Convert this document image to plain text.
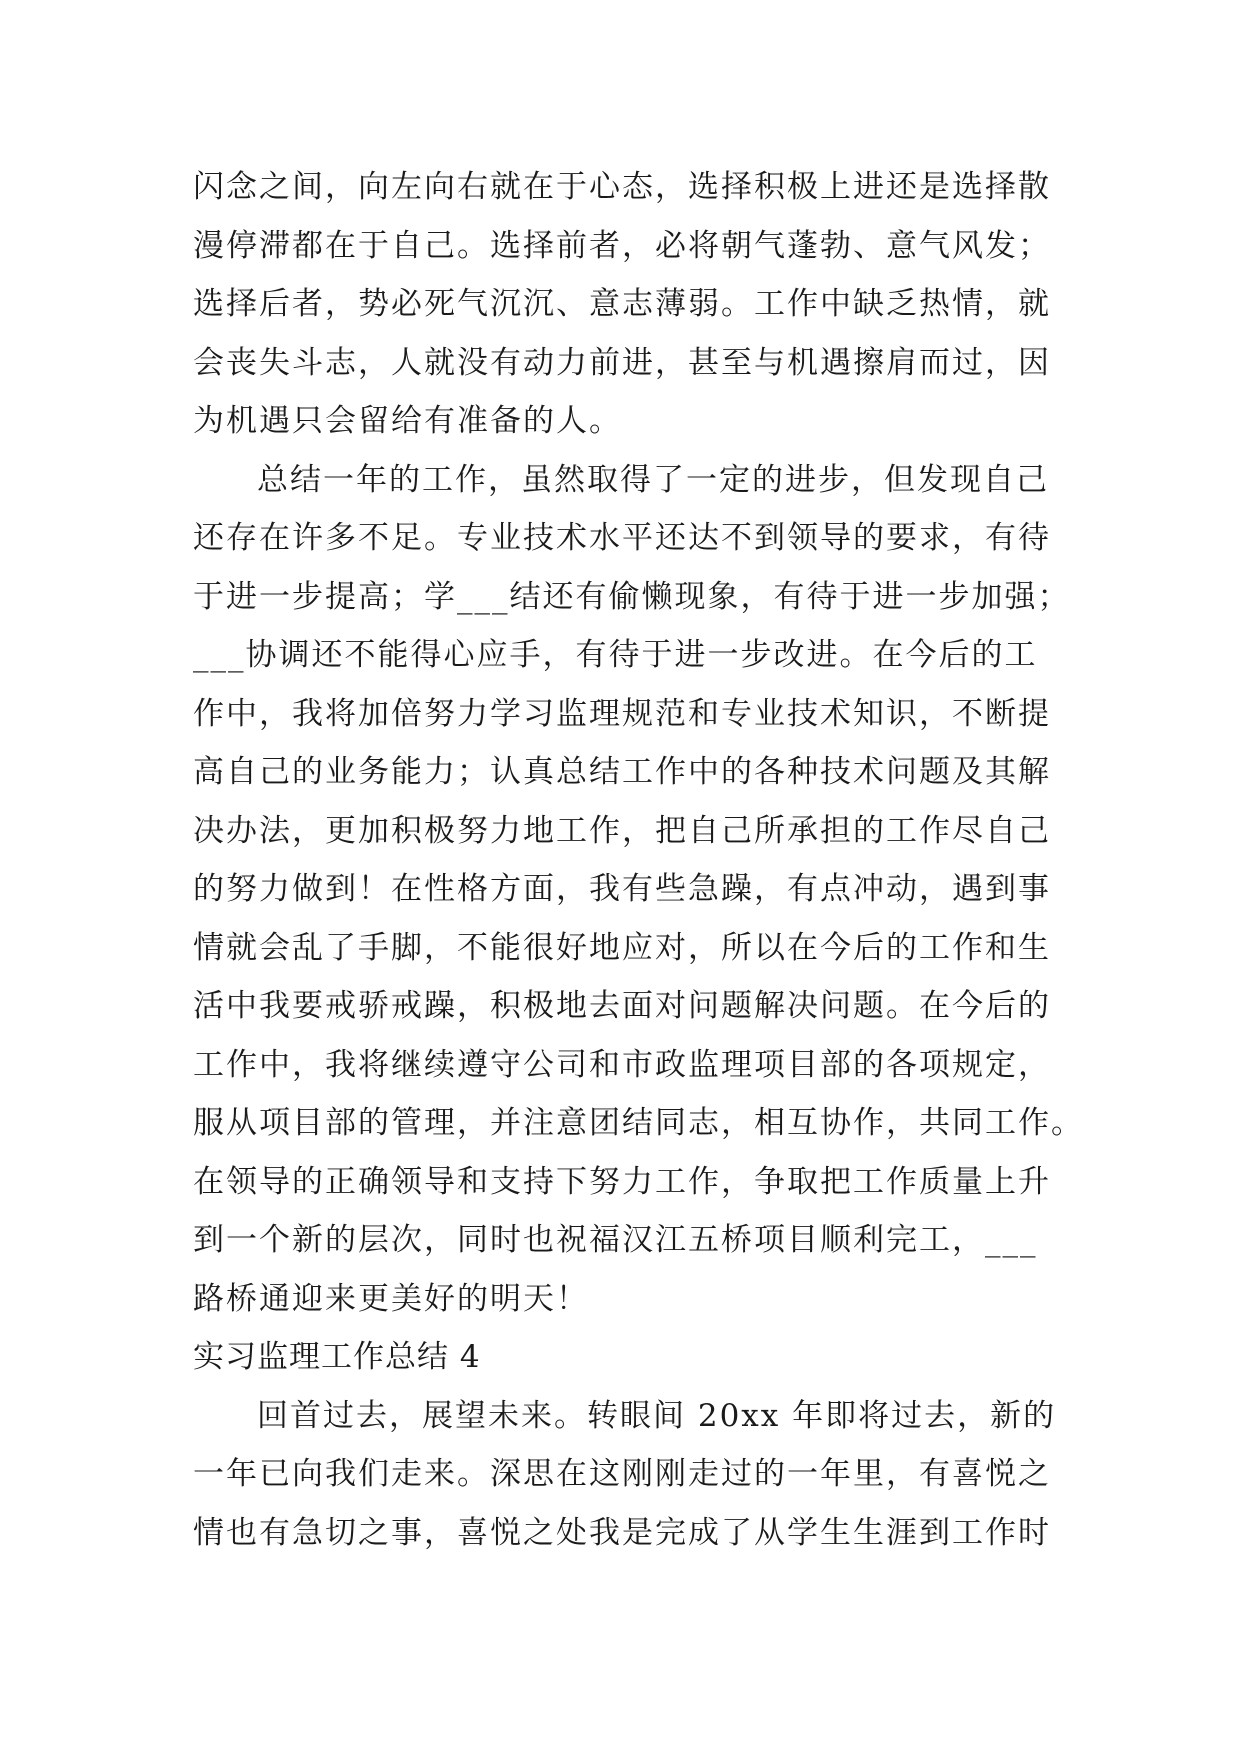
闪念之间，向左向右就在于心态，选择积极上进还是选择散
漫停滞都在于自己。选择前者，必将朝气蓬勃、意气风发；
选择后者，势必死气沉沉、意志薄弱。工作中缺乏热情，就
会丧失斗志，人就没有动力前进，甚至与机遇擦肩而过，因
为机遇只会留给有准备的人。
总结一年的工作，虽然取得了一定的进步，但发现自己
还存在许多不足。专业技术水平还达不到领导的要求，有待
于进一步提高；学___结还有偷懒现象，有待于进一步加强；
___协调还不能得心应手，有待于进一步改进。在今后的工
作中，我将加倍努力学习监理规范和专业技术知识，不断提
高自己的业务能力；认真总结工作中的各种技术问题及其解
决办法，更加积极努力地工作，把自己所承担的工作尽自己
的努力做到！在性格方面，我有些急躁，有点冲动，遇到事
情就会乱了手脚，不能很好地应对，所以在今后的工作和生
活中我要戒骄戒躁，积极地去面对问题解决问题。在今后的
工作中，我将继续遵守公司和市政监理项目部的各项规定，
服从项目部的管理，并注意团结同志，相互协作，共同工作。
在领导的正确领导和支持下努力工作，争取把工作质量上升
到一个新的层次，同时也祝福汉江五桥项目顺利完工，___
路桥通迎来更美好的明天！
实习监理工作总结 4
回首过去，展望未来。转眼间 20xx 年即将过去，新的
一年已向我们走来。深思在这刚刚走过的一年里，有喜悦之
情也有急切之事，喜悦之处我是完成了从学生生涯到工作时
